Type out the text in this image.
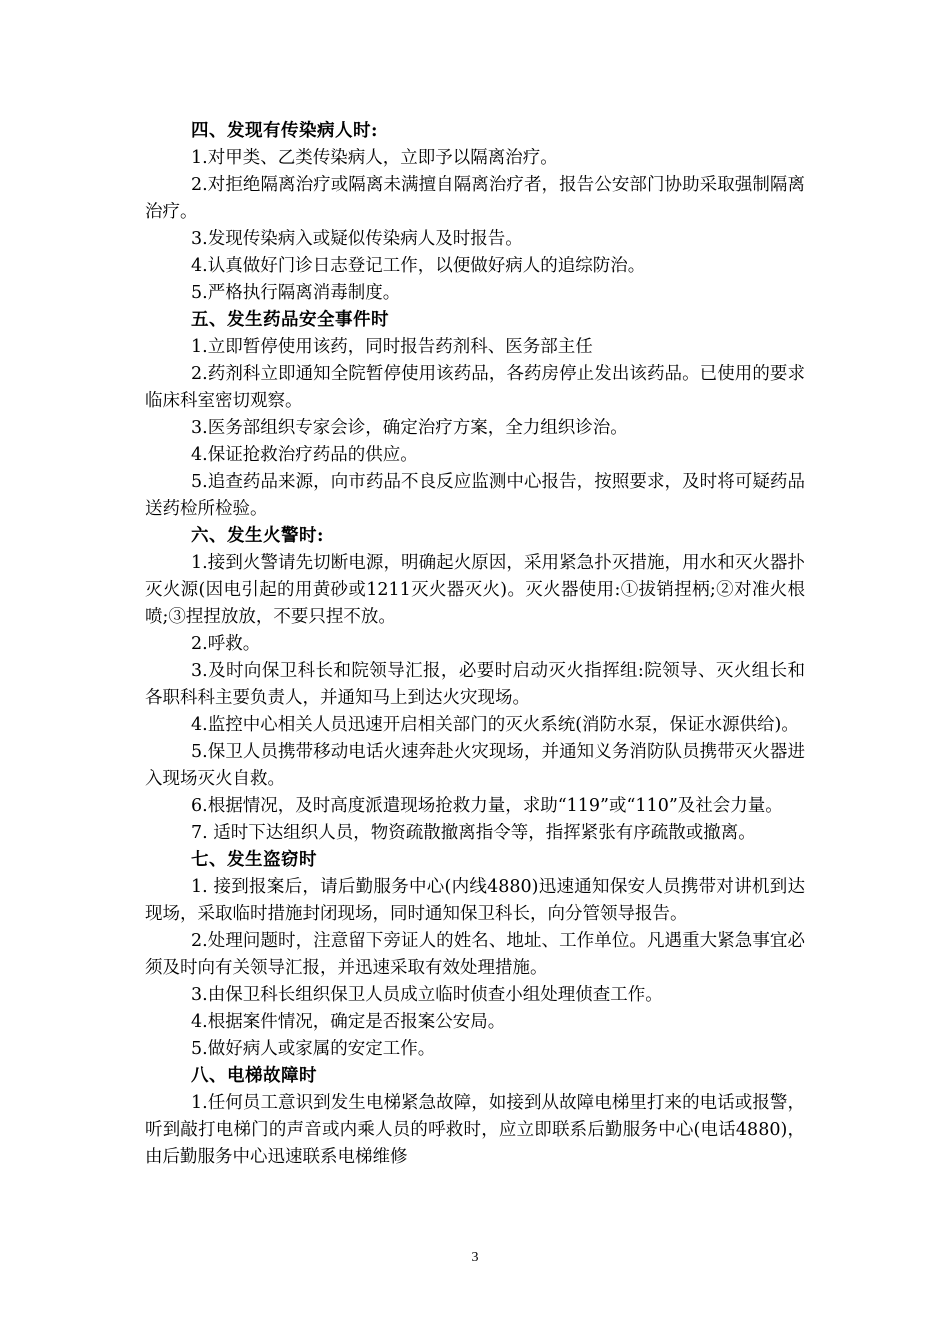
四、发现有传染病人时:

1.对甲类、乙类传染病人，立即予以隔离治疗。

2.对拒绝隔离治疗或隔离未满擅自隔离治疗者，报告公安部门协助采取强制隔离治疗。

3.发现传染病入或疑似传染病人及时报告。

4.认真做好门诊日志登记工作，以便做好病人的追综防治。

5.严格执行隔离消毒制度。

五、发生药品安全事件时

1.立即暂停使用该药，同时报告药剂科、医务部主任

2.药剂科立即通知全院暂停使用该药品，各药房停止发出该药品。已使用的要求临床科室密切观察。

3.医务部组织专家会诊，确定治疗方案，全力组织诊治。

4.保证抢救治疗药品的供应。

5.追查药品来源，向市药品不良反应监测中心报告，按照要求，及时将可疑药品送药检所检验。

六、发生火警时:

1.接到火警请先切断电源，明确起火原因，采用紧急扑灭措施，用水和灭火器扑灭火源(因电引起的用黄砂或1211灭火器灭火)。灭火器使用:①拔销捏柄;②对准火根喷;③捏捏放放，不要只捏不放。

2.呼救。

3.及时向保卫科长和院领导汇报，必要时启动灭火指挥组:院领导、灭火组长和各职科科主要负责人，并通知马上到达火灾现场。

4.监控中心相关人员迅速开启相关部门的灭火系统(消防水泵，保证水源供给)。

5.保卫人员携带移动电话火速奔赴火灾现场，并通知义务消防队员携带灭火器进入现场灭火自救。

6.根据情况，及时高度派遣现场抢救力量，求助“119”或“110”及社会力量。

7. 适时下达组织人员，物资疏散撤离指令等，指挥紧张有序疏散或撤离。

七、发生盗窃时

1. 接到报案后，请后勤服务中心(内线4880)迅速通知保安人员携带对讲机到达现场，采取临时措施封闭现场，同时通知保卫科长，向分管领导报告。

2.处理问题时，注意留下旁证人的姓名、地址、工作单位。凡遇重大紧急事宜必须及时向有关领导汇报，并迅速采取有效处理措施。

3.由保卫科长组织保卫人员成立临时侦查小组处理侦查工作。

4.根据案件情况，确定是否报案公安局。

5.做好病人或家属的安定工作。

八、电梯故障时

1.任何员工意识到发生电梯紧急故障，如接到从故障电梯里打来的电话或报警，听到敲打电梯门的声音或内乘人员的呼救时，应立即联系后勤服务中心(电话4880)，由后勤服务中心迅速联系电梯维修

3
